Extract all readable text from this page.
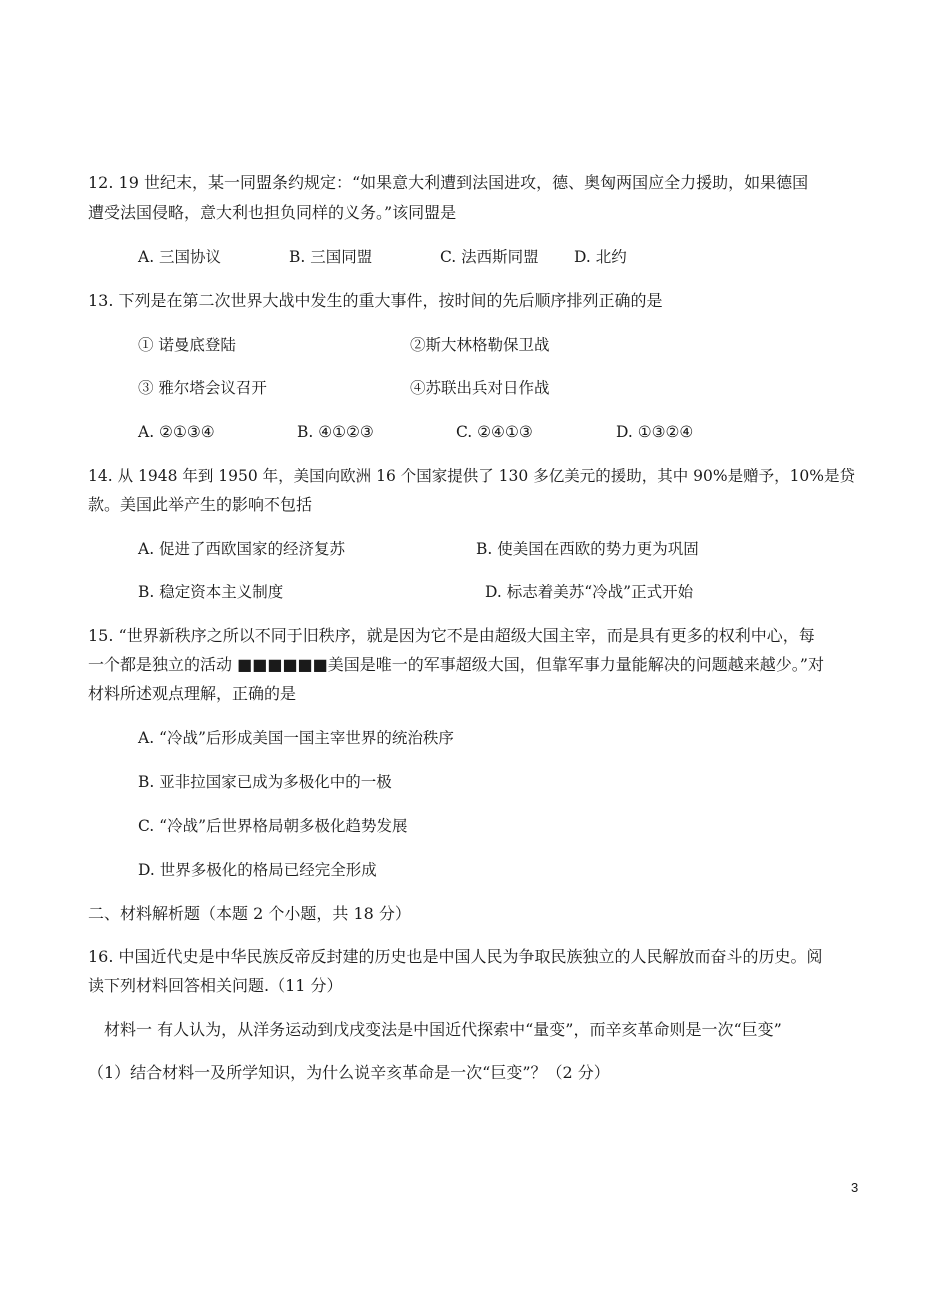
12. 19 世纪末，某一同盟条约规定：“如果意大利遭到法国进攻，德、奥匈两国应全力援助，如果德国
遭受法国侵略，意大利也担负同样的义务。”该同盟是
A. 三国协议	B. 三国同盟	C. 法西斯同盟 D. 北约
13. 下列是在第二次世界大战中发生的重大事件，按时间的先后顺序排列正确的是
① 诺曼底登陆	②斯大林格勒保卫战
③ 雅尔塔会议召开	④苏联出兵对日作战
A. ②①③④	B. ④①②③	C. ②④①③	D. ①③②④
14. 从 1948 年到 1950 年，美国向欧洲 16 个国家提供了 130 多亿美元的援助，其中 90%是赠予，10%是贷
款。美国此举产生的影响不包括
A. 促进了西欧国家的经济复苏	B. 使美国在西欧的势力更为巩固
B. 稳定资本主义制度	D. 标志着美苏“冷战”正式开始
15. “世界新秩序之所以不同于旧秩序，就是因为它不是由超级大国主宰，而是具有更多的权利中心，每
一个都是独立的活动 ■■■■■■美国是唯一的军事超级大国，但靠军事力量能解决的问题越来越少。”对
材料所述观点理解，正确的是
A. “冷战”后形成美国一国主宰世界的统治秩序
B. 亚非拉国家已成为多极化中的一极
C. “冷战”后世界格局朝多极化趋势发展
D. 世界多极化的格局已经完全形成
二、材料解析题（本题 2 个小题，共 18 分）
16. 中国近代史是中华民族反帝反封建的历史也是中国人民为争取民族独立的人民解放而奋斗的历史。阅
读下列材料回答相关问题.（11 分）
材料一 有人认为，从洋务运动到戊戌变法是中国近代探索中“量变”，而辛亥革命则是一次“巨变”
（1）结合材料一及所学知识，为什么说辛亥革命是一次“巨变”？（2 分）
3
